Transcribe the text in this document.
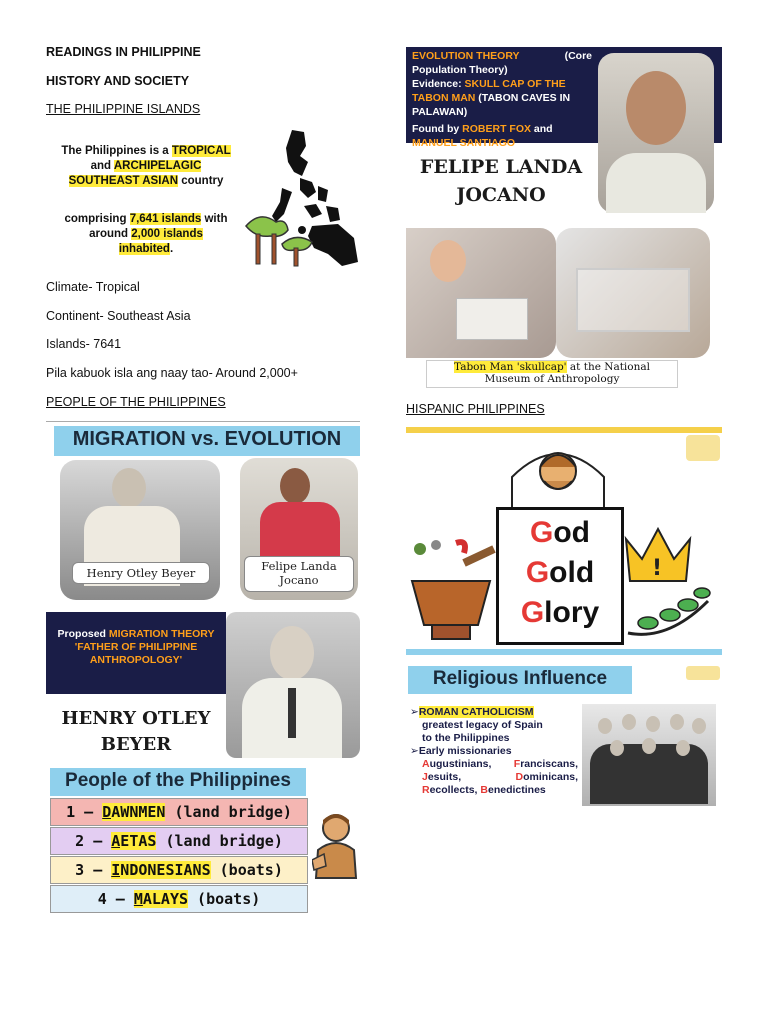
READINGS IN PHILIPPINE
HISTORY AND SOCIETY
THE PHILIPPINE ISLANDS
The Philippines is a TROPICAL
and ARCHIPELAGIC
SOUTHEAST ASIAN country
comprising 7,641 islands with
around 2,000 islands
inhabited.
Climate- Tropical
Continent- Southeast Asia
Islands- 7641
Pila kabuok isla ang naay tao- Around 2,000+
PEOPLE OF THE PHILIPPINES
MIGRATION vs. EVOLUTION
Henry Otley Beyer	Felipe Landa
Jocano
Proposed MIGRATION THEORY
'FATHER OF PHILIPPINE
ANTHROPOLOGY'
HENRY OTLEY
BEYER
People of the Philippines
1 – DAWNMEN (land bridge)
2 – AETAS (land bridge)
3 – INDONESIANS (boats)
4 – MALAYS (boats)
EVOLUTION THEORY	(Core
Population Theory)
Evidence: SKULL CAP OF THE
TABON MAN (TABON CAVES IN
PALAWAN)
Found by ROBERT FOX and
MANUEL SANTIAGO
FELIPE LANDA
JOCANO
Tabon Man 'skullcap' at the National
Museum of Anthropology
HISPANIC PHILIPPINES
God
Gold
Glory
!
Religious Influence
➢ROMAN CATHOLICISM
greatest legacy of Spain
to the Philippines
➢Early missionaries
Augustinians, Franciscans,
Jesuits,	Dominicans,
Recollects, Benedictines
